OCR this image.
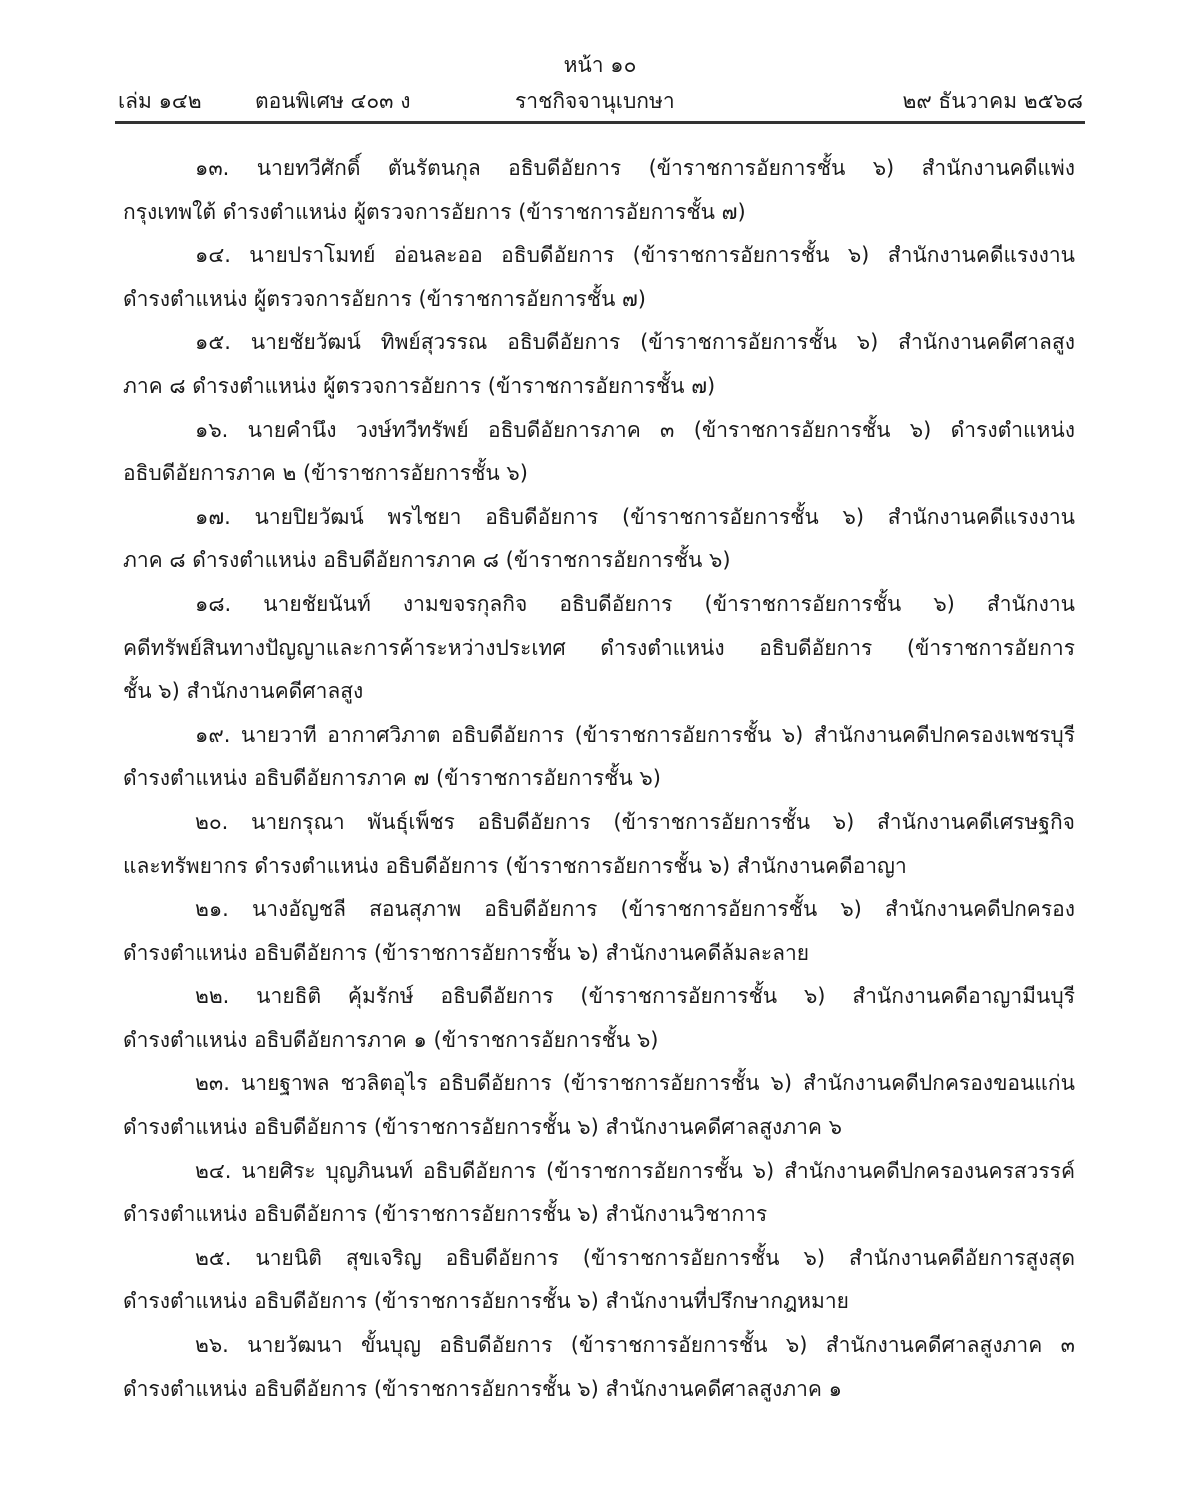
หน้า ๑๐
เล่ม ๑๔๒	ตอนพิเศษ ๔๐๓ ง	ราชกิจจานุเบกษา	๒๙ ธันวาคม ๒๕๖๘
๑๓. นายทวีศักดิ์ ตันรัตนกุล อธิบดีอัยการ (ข้าราชการอัยการชั้น ๖) สำนักงานคดีแพ่ง
กรุงเทพใต้ ดำรงตำแหน่ง ผู้ตรวจการอัยการ (ข้าราชการอัยการชั้น ๗)
๑๔. นายปราโมทย์ อ่อนละออ อธิบดีอัยการ (ข้าราชการอัยการชั้น ๖) สำนักงานคดีแรงงาน
ดำรงตำแหน่ง ผู้ตรวจการอัยการ (ข้าราชการอัยการชั้น ๗)
๑๕. นายชัยวัฒน์ ทิพย์สุวรรณ อธิบดีอัยการ (ข้าราชการอัยการชั้น ๖) สำนักงานคดีศาลสูง
ภาค ๘ ดำรงตำแหน่ง ผู้ตรวจการอัยการ (ข้าราชการอัยการชั้น ๗)
๑๖. นายคำนึง วงษ์ทวีทรัพย์ อธิบดีอัยการภาค ๓ (ข้าราชการอัยการชั้น ๖) ดำรงตำแหน่ง
อธิบดีอัยการภาค ๒ (ข้าราชการอัยการชั้น ๖)
๑๗. นายปิยวัฒน์ พรไชยา อธิบดีอัยการ (ข้าราชการอัยการชั้น ๖) สำนักงานคดีแรงงาน
ภาค ๘ ดำรงตำแหน่ง อธิบดีอัยการภาค ๘ (ข้าราชการอัยการชั้น ๖)
๑๘. นายชัยนันท์ งามขจรกุลกิจ อธิบดีอัยการ (ข้าราชการอัยการชั้น ๖) สำนักงาน
คดีทรัพย์สินทางปัญญาและการค้าระหว่างประเทศ ดำรงตำแหน่ง อธิบดีอัยการ (ข้าราชการอัยการ
ชั้น ๖) สำนักงานคดีศาลสูง
๑๙. นายวาที อากาศวิภาต อธิบดีอัยการ (ข้าราชการอัยการชั้น ๖) สำนักงานคดีปกครองเพชรบุรี
ดำรงตำแหน่ง อธิบดีอัยการภาค ๗ (ข้าราชการอัยการชั้น ๖)
๒๐. นายกรุณา พันธุ์เพ็ชร อธิบดีอัยการ (ข้าราชการอัยการชั้น ๖) สำนักงานคดีเศรษฐกิจ
และทรัพยากร ดำรงตำแหน่ง อธิบดีอัยการ (ข้าราชการอัยการชั้น ๖) สำนักงานคดีอาญา
๒๑. นางอัญชลี สอนสุภาพ อธิบดีอัยการ (ข้าราชการอัยการชั้น ๖) สำนักงานคดีปกครอง
ดำรงตำแหน่ง อธิบดีอัยการ (ข้าราชการอัยการชั้น ๖) สำนักงานคดีล้มละลาย
๒๒. นายธิติ คุ้มรักษ์ อธิบดีอัยการ (ข้าราชการอัยการชั้น ๖) สำนักงานคดีอาญามีนบุรี
ดำรงตำแหน่ง อธิบดีอัยการภาค ๑ (ข้าราชการอัยการชั้น ๖)
๒๓. นายฐาพล ชวลิตอุไร อธิบดีอัยการ (ข้าราชการอัยการชั้น ๖) สำนักงานคดีปกครองขอนแก่น
ดำรงตำแหน่ง อธิบดีอัยการ (ข้าราชการอัยการชั้น ๖) สำนักงานคดีศาลสูงภาค ๖
๒๔. นายศิระ บุญภินนท์ อธิบดีอัยการ (ข้าราชการอัยการชั้น ๖) สำนักงานคดีปกครองนครสวรรค์
ดำรงตำแหน่ง อธิบดีอัยการ (ข้าราชการอัยการชั้น ๖) สำนักงานวิชาการ
๒๕. นายนิติ สุขเจริญ อธิบดีอัยการ (ข้าราชการอัยการชั้น ๖) สำนักงานคดีอัยการสูงสุด
ดำรงตำแหน่ง อธิบดีอัยการ (ข้าราชการอัยการชั้น ๖) สำนักงานที่ปรึกษากฎหมาย
๒๖. นายวัฒนา ขั้นบุญ อธิบดีอัยการ (ข้าราชการอัยการชั้น ๖) สำนักงานคดีศาลสูงภาค ๓
ดำรงตำแหน่ง อธิบดีอัยการ (ข้าราชการอัยการชั้น ๖) สำนักงานคดีศาลสูงภาค ๑
